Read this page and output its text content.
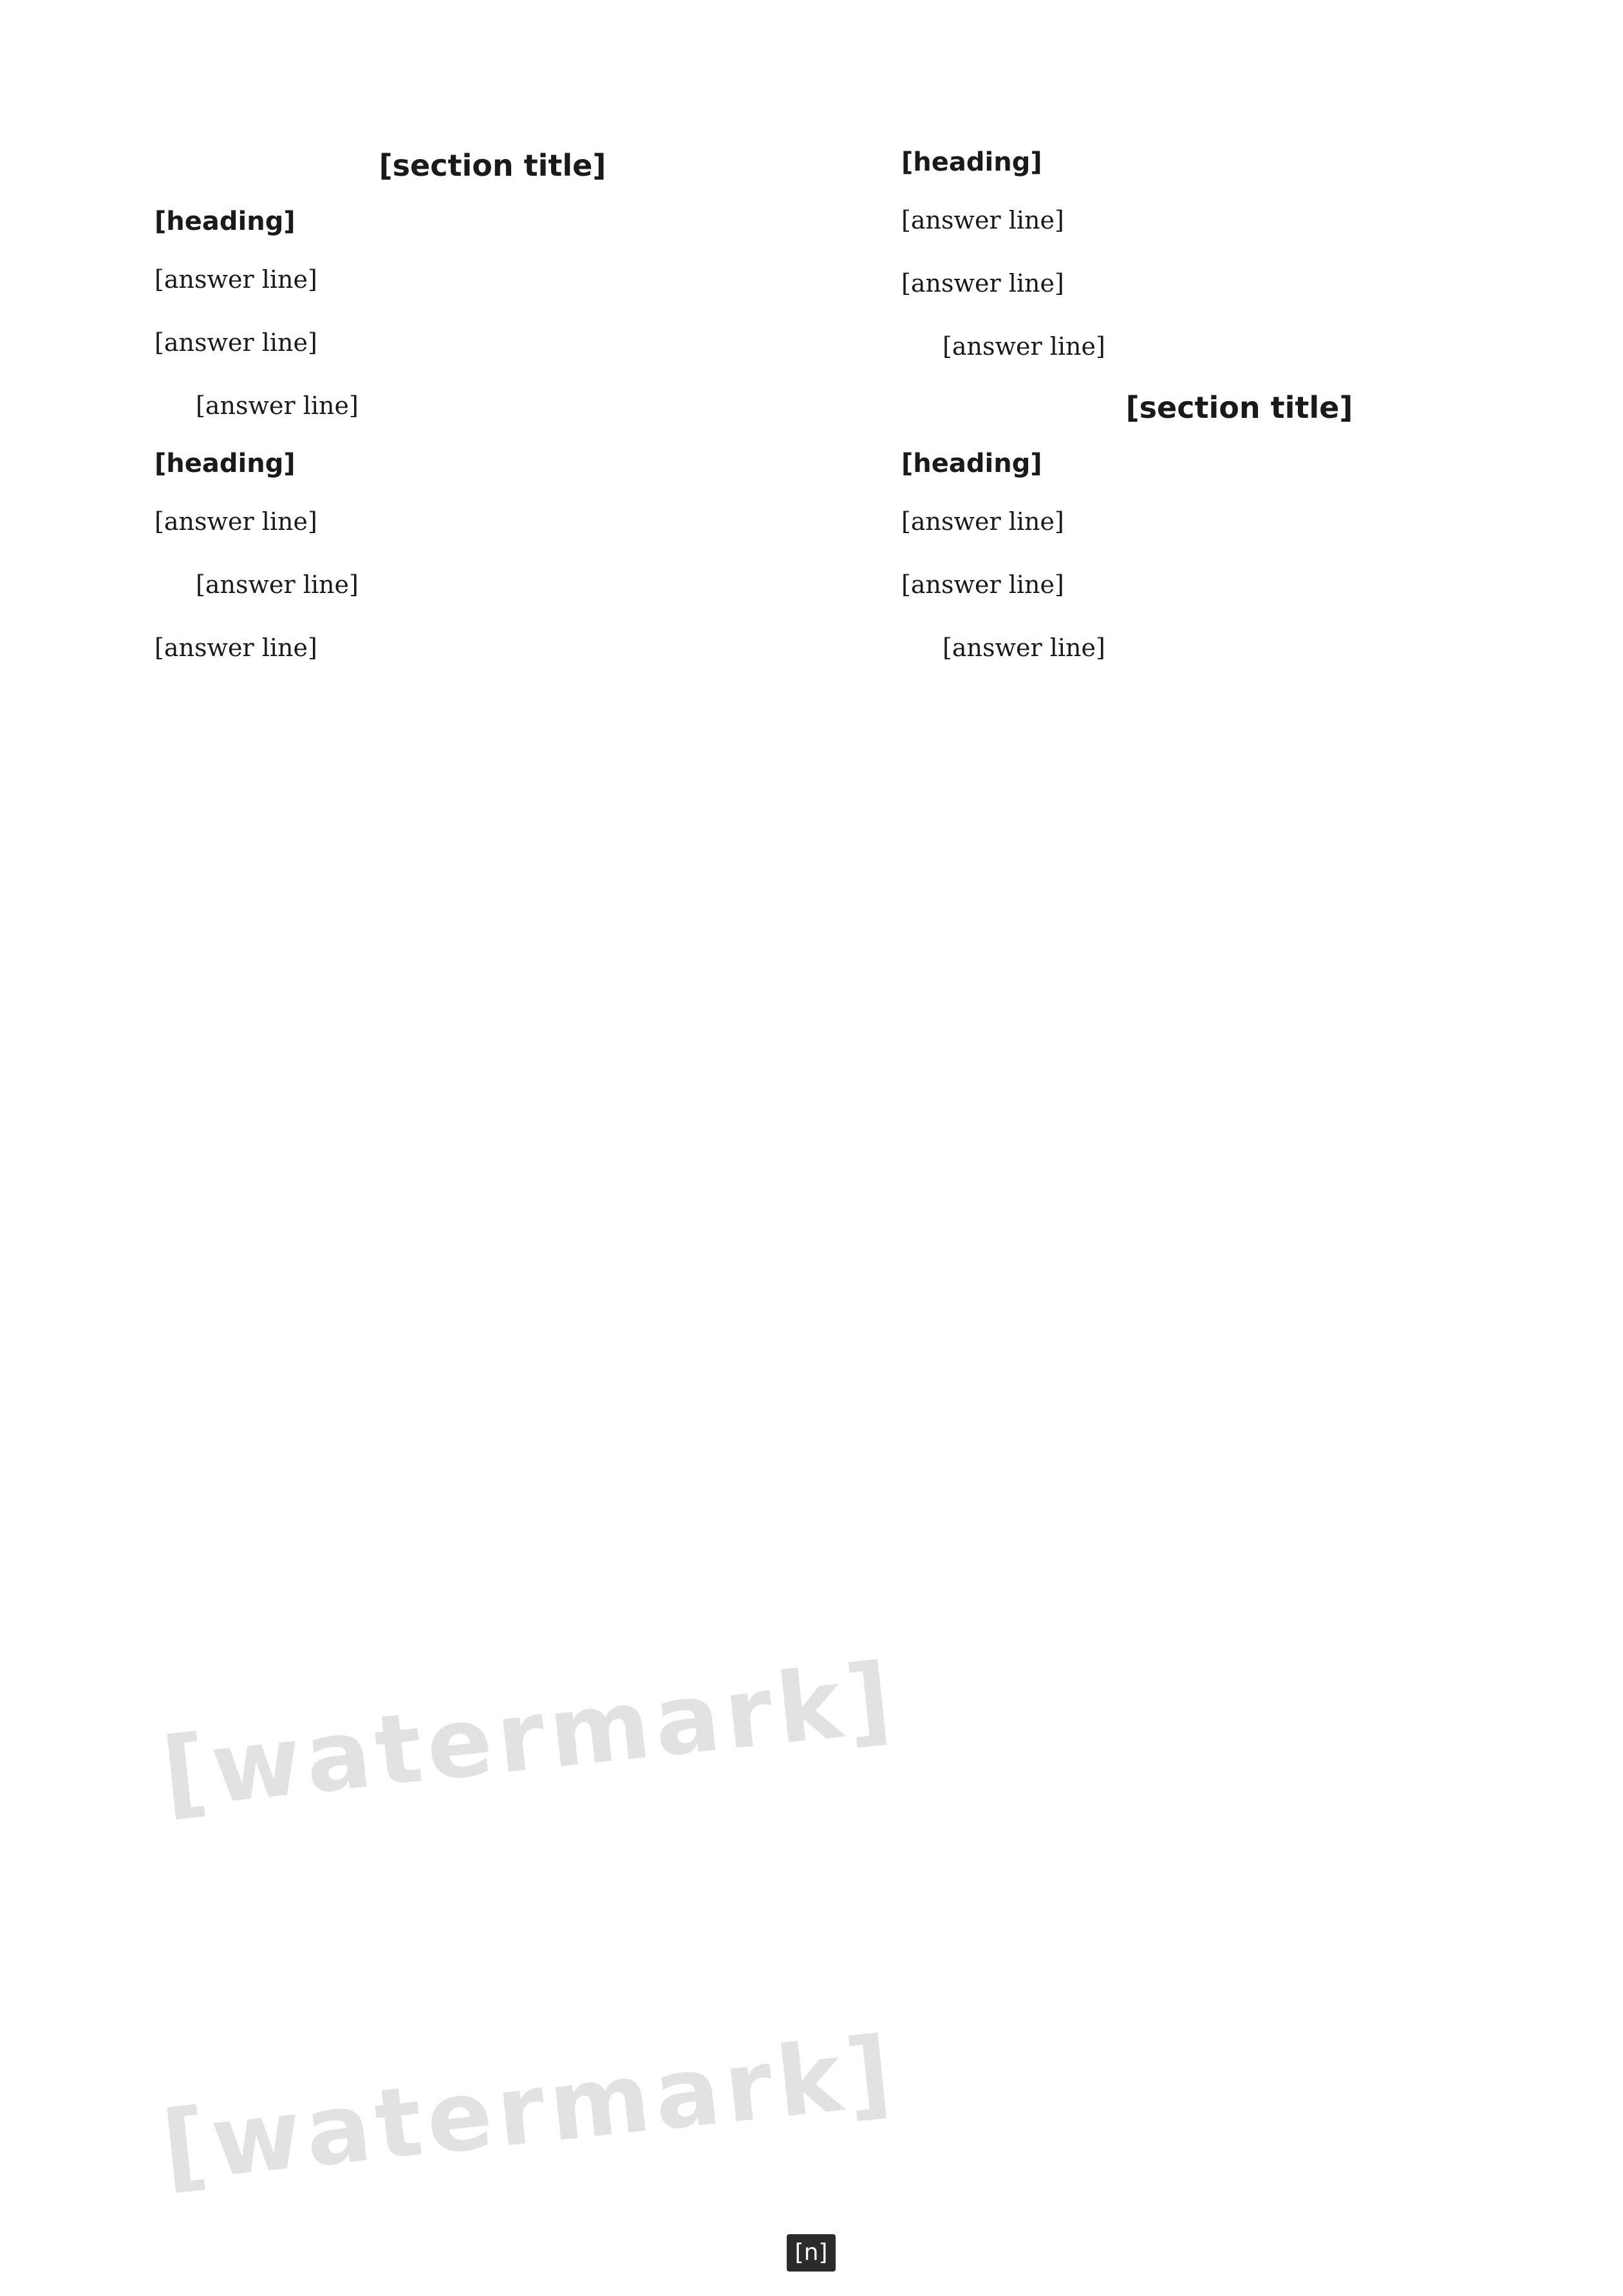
[section title]
[heading]
[answer line]
[answer line]
[answer line]
[heading]
[answer line]
[answer line]
[answer line]
[heading]
[answer line]
[answer line]
[answer line]
[section title]
[heading]
[answer line]
[answer line]
[answer line]
[n]
[watermark]
[watermark]
